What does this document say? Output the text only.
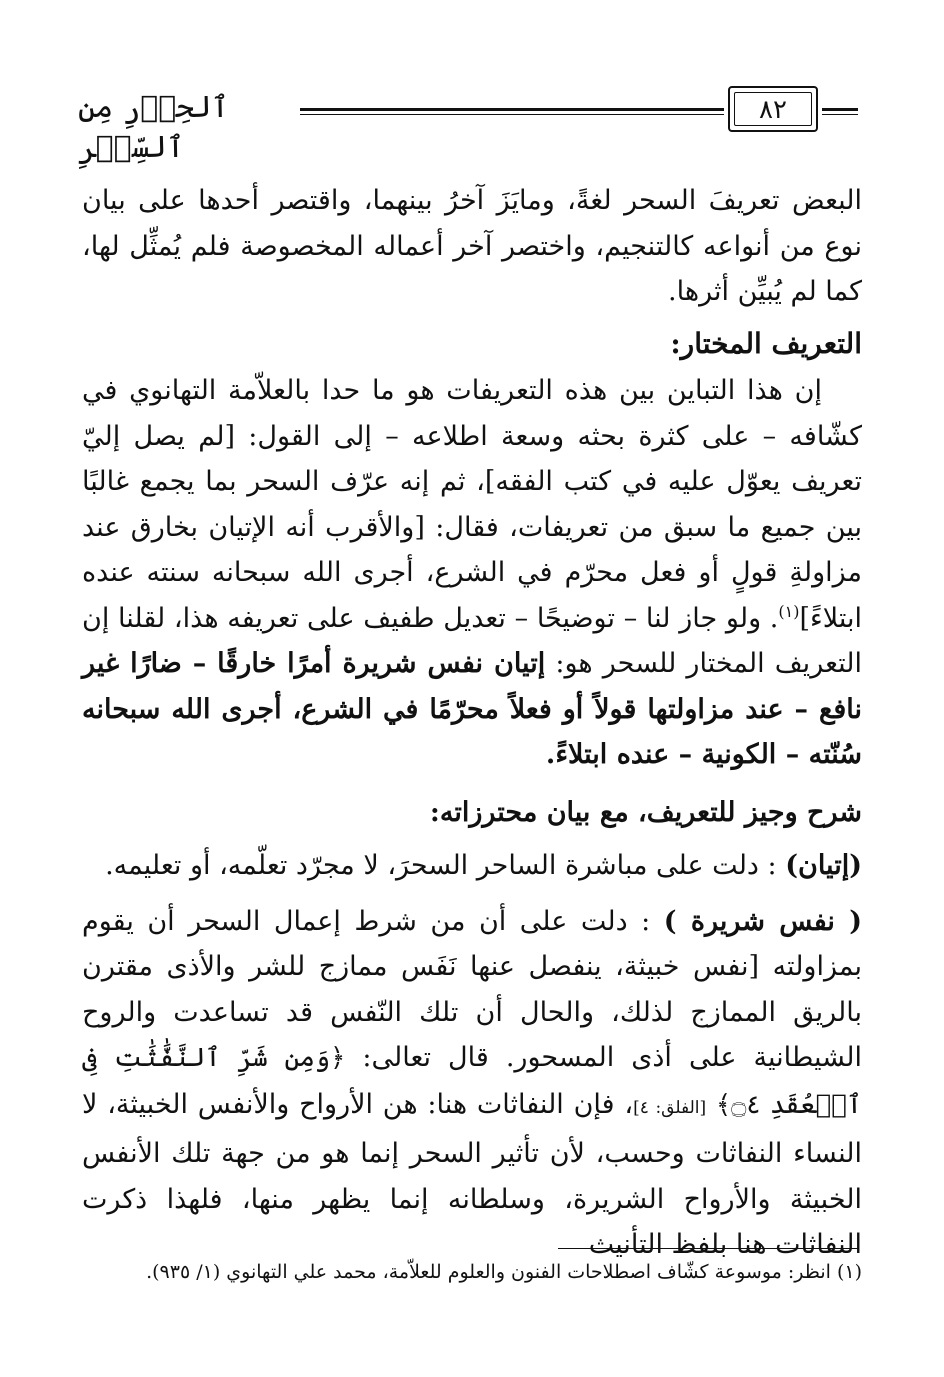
ٱلحِذۡرِ مِن ٱلسِّحۡرِ
٨٢

البعض تعريفَ السحر لغةً، ومايَزَ آخرُ بينهما، واقتصر أحدها على بيان نوع من أنواعه كالتنجيم، واختصر آخر أعماله المخصوصة فلم يُمثِّل لها، كما لم يُبيِّن أثرها.

التعريف المختار:

إن هذا التباين بين هذه التعريفات هو ما حدا بالعلاّمة التهانوي في كشّافه – على كثرة بحثه وسعة اطلاعه – إلى القول: [لم يصل إليّ تعريف يعوّل عليه في كتب الفقه]، ثم إنه عرّف السحر بما يجمع غالبًا بين جميع ما سبق من تعريفات، فقال: [والأقرب أنه الإتيان بخارق عند مزاولةِ قولٍ أو فعل محرّم في الشرع، أجرى الله سبحانه سنته عنده ابتلاءً]$^{(١)}$. ولو جاز لنا – توضيحًا – تعديل طفيف على تعريفه هذا، لقلنا إن التعريف المختار للسحر هو: إتيان نفس شريرة أمرًا خارقًا – ضارًا غير نافع – عند مزاولتها قولاً أو فعلاً محرّمًا في الشرع، أجرى الله سبحانه سُنّته – الكونية – عنده ابتلاءً.

شرح وجيز للتعريف، مع بيان محترزاته:

(إتيان) : دلت على مباشرة الساحر السحرَ، لا مجرّد تعلّمه، أو تعليمه.

( نفس شريرة ) : دلت على أن من شرط إعمال السحر أن يقوم بمزاولته [نفس خبيثة، ينفصل عنها نَفَس ممازج للشر والأذى مقترن بالريق الممازج لذلك، والحال أن تلك النّفس قد تساعدت والروح الشيطانية على أذى المسحور. قال تعالى: ﴿وَمِن شَرِّ ٱلنَّفَّٰثَٰتِ فِى ٱلۡعُقَدِ ۝٤﴾ [الفلق: ٤]، فإن النفاثات هنا: هن الأرواح والأنفس الخبيثة، لا النساء النفاثات وحسب، لأن تأثير السحر إنما هو من جهة تلك الأنفس الخبيثة والأرواح الشريرة، وسلطانه إنما يظهر منها، فلهذا ذكرت النفاثات هنا بلفظ التأنيث

(١) انظر: موسوعة كشّاف اصطلاحات الفنون والعلوم للعلاّمة، محمد علي التهانوي (١/ ٩٣٥).
